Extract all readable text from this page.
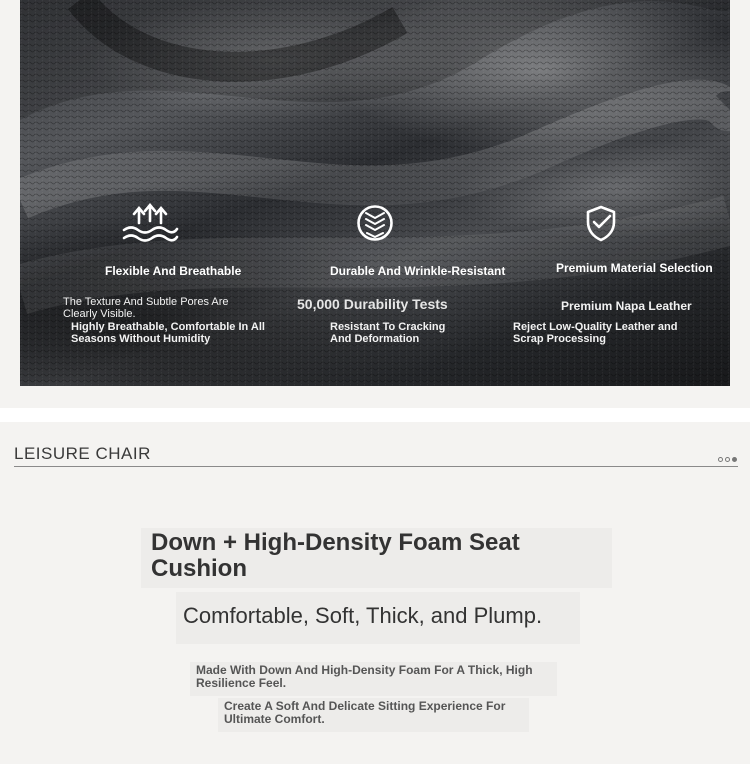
Flexible And Breathable
The Texture And Subtle Pores Are Clearly Visible.
Highly Breathable, Comfortable In All Seasons Without Humidity
Durable And Wrinkle-Resistant
50,000 Durability Tests
Resistant To Cracking And Deformation
Premium Material Selection
Premium Napa Leather
Reject Low-Quality Leather and Scrap Processing
LEISURE CHAIR
Down + High-Density Foam Seat Cushion
Comfortable, Soft, Thick, and Plump.
Made With Down And High-Density Foam For A Thick, High Resilience Feel.
Create A Soft And Delicate Sitting Experience For Ultimate Comfort.
